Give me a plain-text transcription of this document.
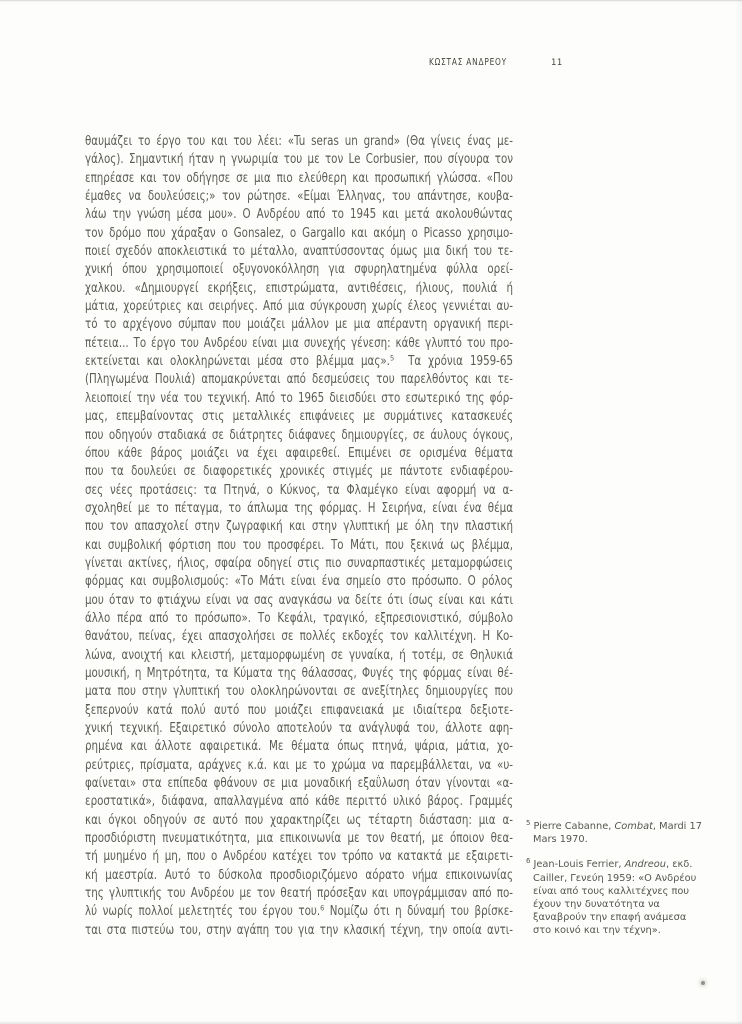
ΚΩΣΤΑΣ ΑΝΔΡΕΟΥ	11
θαυμάζει το έργο του και του λέει: «Tu seras un grand» (Θα γίνεις ένας με-
γάλος). Σημαντική ήταν η γνωριμία του με τον Le Corbusier, που σίγουρα τον
επηρέασε και τον οδήγησε σε μια πιο ελεύθερη και προσωπική γλώσσα. «Που
έμαθες να δουλεύσεις;» τον ρώτησε. «Είμαι Έλληνας, του απάντησε, κουβα-
λάω την γνώση μέσα μου». Ο Ανδρέου από το 1945 και μετά ακολουθώντας
τον δρόμο που χάραξαν ο Gonsalez, ο Gargallo και ακόμη ο Picasso χρησιμο-
ποιεί σχεδόν αποκλειστικά το μέταλλο, αναπτύσσοντας όμως μια δική του τε-
χνική όπου χρησιμοποιεί οξυγονοκόλληση για σφυρηλατημένα φύλλα ορεί-
χαλκου. «Δημιουργεί εκρήξεις, επιστρώματα, αντιθέσεις, ήλιους, πουλιά ή
μάτια, χορεύτριες και σειρήνες. Από μια σύγκρουση χωρίς έλεος γεννιέται αυ-
τό το αρχέγονο σύμπαν που μοιάζει μάλλον με μια απέραντη οργανική περι-
πέτεια... Το έργο του Ανδρέου είναι μια συνεχής γένεση: κάθε γλυπτό του προ-
εκτείνεται και ολοκληρώνεται μέσα στο βλέμμα μας».⁵  Τα χρόνια 1959-65
(Πληγωμένα Πουλιά) απομακρύνεται από δεσμεύσεις του παρελθόντος και τε-
λειοποιεί την νέα του τεχνική. Από το 1965 διεισδύει στο εσωτερικό της φόρ-
μας, επεμβαίνοντας στις μεταλλικές επιφάνειες με συρμάτινες κατασκευές
που οδηγούν σταδιακά σε διάτρητες διάφανες δημιουργίες, σε άυλους όγκους,
όπου κάθε βάρος μοιάζει να έχει αφαιρεθεί. Επιμένει σε ορισμένα θέματα
που τα δουλεύει σε διαφορετικές χρονικές στιγμές με πάντοτε ενδιαφέρου-
σες νέες προτάσεις: τα Πτηνά, ο Κύκνος, τα Φλαμέγκο είναι αφορμή να α-
σχοληθεί με το πέταγμα, το άπλωμα της φόρμας. Η Σειρήνα, είναι ένα θέμα
που τον απασχολεί στην ζωγραφική και στην γλυπτική με όλη την πλαστική
και συμβολική φόρτιση που του προσφέρει. Το Μάτι, που ξεκινά ως βλέμμα,
γίνεται ακτίνες, ήλιος, σφαίρα οδηγεί στις πιο συναρπαστικές μεταμορφώσεις
φόρμας και συμβολισμούς: «Το Μάτι είναι ένα σημείο στο πρόσωπο. Ο ρόλος
μου όταν το φτιάχνω είναι να σας αναγκάσω να δείτε ότι ίσως είναι και κάτι
άλλο πέρα από το πρόσωπο». Το Κεφάλι, τραγικό, εξπρεσιονιστικό, σύμβολο
θανάτου, πείνας, έχει απασχολήσει σε πολλές εκδοχές τον καλλιτέχνη. Η Κο-
λώνα, ανοιχτή και κλειστή, μεταμορφωμένη σε γυναίκα, ή τοτέμ, σε Θηλυκιά
μουσική, η Μητρότητα, τα Κύματα της θάλασσας, Φυγές της φόρμας είναι θέ-
ματα που στην γλυπτική του ολοκληρώνονται σε ανεξίτηλες δημιουργίες που
ξεπερνούν κατά πολύ αυτό που μοιάζει επιφανειακά με ιδιαίτερα δεξιοτε-
χνική τεχνική. Εξαιρετικό σύνολο αποτελούν τα ανάγλυφά του, άλλοτε αφη-
ρημένα και άλλοτε αφαιρετικά. Με θέματα όπως πτηνά, ψάρια, μάτια, χο-
ρεύτριες, πρίσματα, αράχνες κ.ά. και με το χρώμα να παρεμβάλλεται, να «υ-
φαίνεται» στα επίπεδα φθάνουν σε μια μοναδική εξαΰλωση όταν γίνονται «α-
εροστατικά», διάφανα, απαλλαγμένα από κάθε περιττό υλικό βάρος. Γραμμές
και όγκοι οδηγούν σε αυτό που χαρακτηρίζει ως τέταρτη διάσταση: μια α-
προσδιόριστη πνευματικότητα, μια επικοινωνία με τον θεατή, με όποιον θεα-
τή μυημένο ή μη, που ο Ανδρέου κατέχει τον τρόπο να κατακτά με εξαιρετι-
κή μαεστρία. Αυτό το δύσκολα προσδιοριζόμενο αόρατο νήμα επικοινωνίας
της γλυπτικής του Ανδρέου με τον θεατή πρόσεξαν και υπογράμμισαν από πο-
λύ νωρίς πολλοί μελετητές του έργου του.⁶ Νομίζω ότι η δύναμή του βρίσκε-
ται στα πιστεύω του, στην αγάπη του για την κλασική τέχνη, την οποία αντι-

$^5$ Pierre Cabanne, Combat, Mardi 17 Mars 1970.

$^6$ Jean-Louis Ferrier, Andreou, εκδ. Cailler, Γενεύη 1959: «Ο Ανδρέου είναι από τους καλλιτέχνες που έχουν την δυνατότητα να ξαναβρούν την επαφή ανάμεσα στο κοινό και την τέχνη».
